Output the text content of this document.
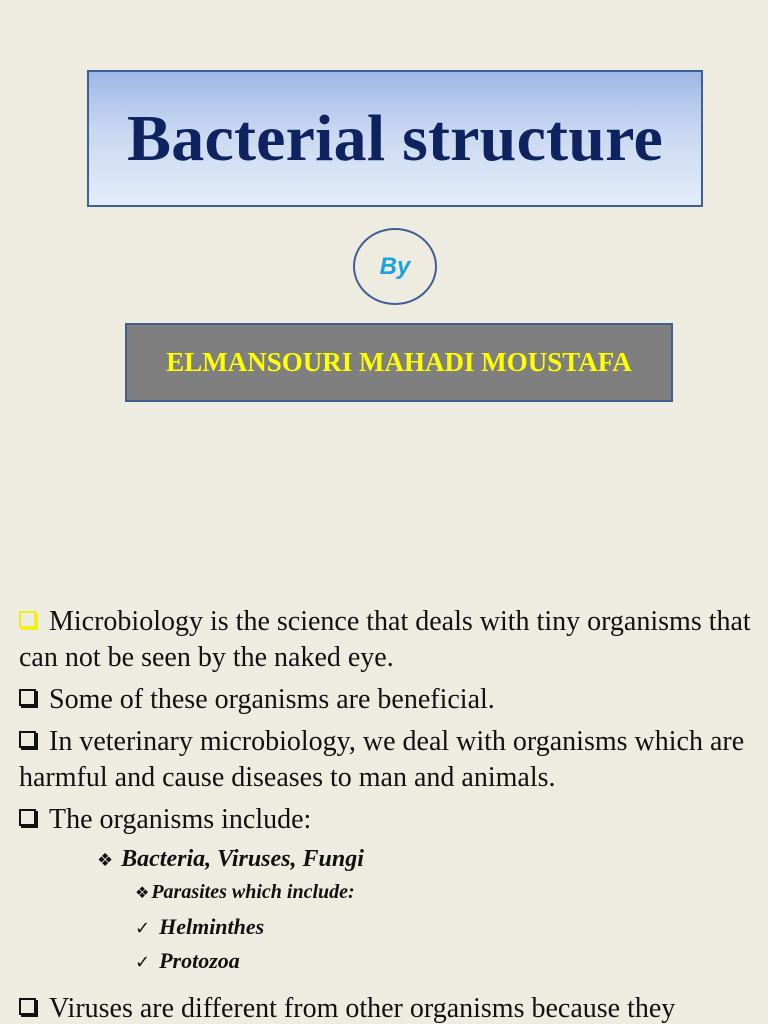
Bacterial structure
By
ELMANSOURI MAHADI MOUSTAFA
Microbiology is the science that deals with tiny organisms that can not be seen by the naked eye.
Some of these organisms are beneficial.
In veterinary microbiology, we deal with organisms which are harmful and cause diseases to man and animals.
The organisms include:
❖ Bacteria, Viruses, Fungi
❖ Parasites which include:
✓ Helminthes
✓ Protozoa
Viruses are different from other organisms because they
